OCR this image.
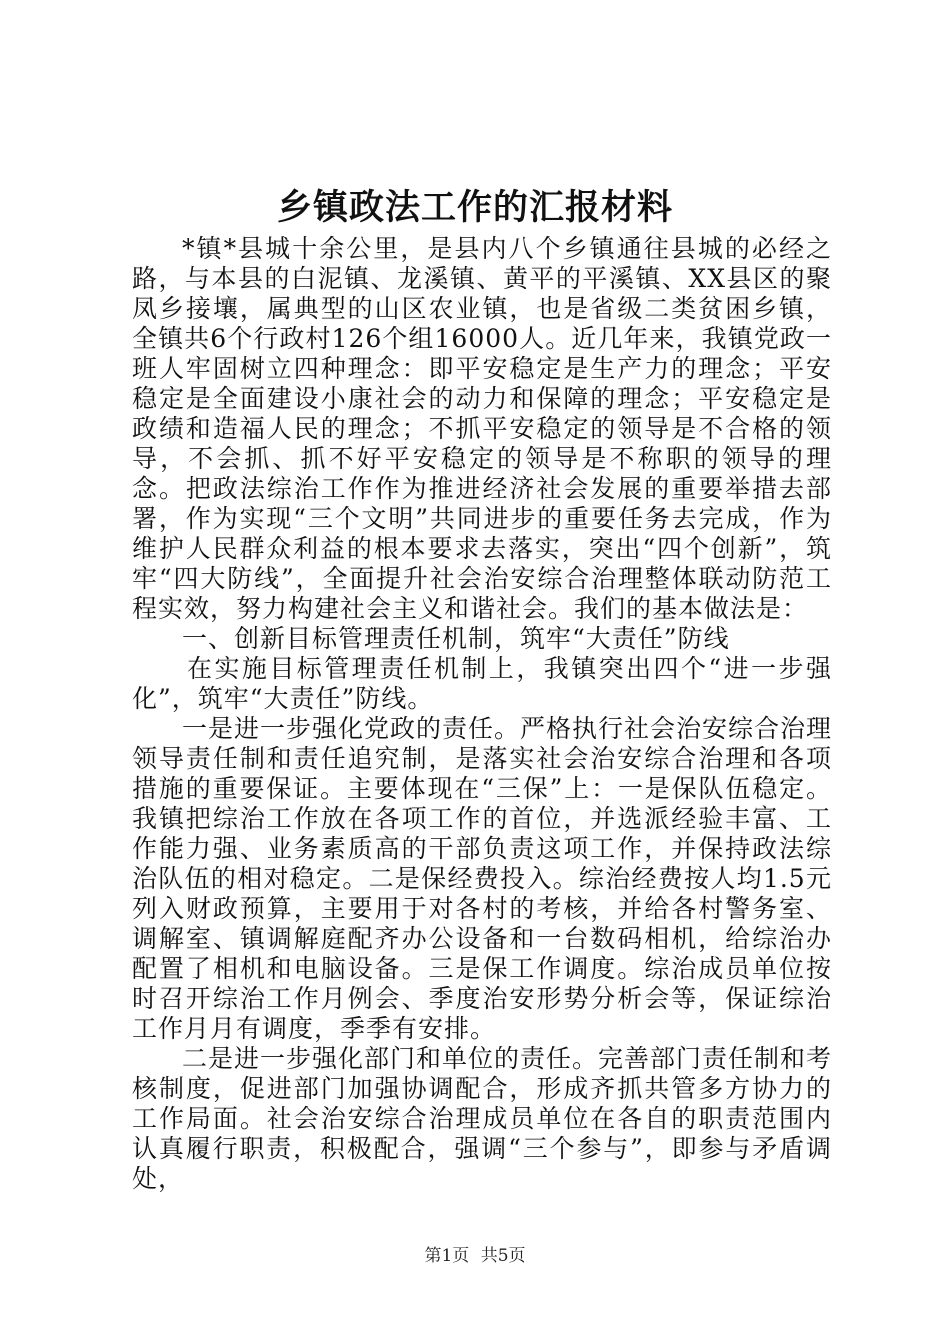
乡镇政法工作的汇报材料

*镇*县城十余公里，是县内八个乡镇通往县城的必经之路，与本县的白泥镇、龙溪镇、黄平的平溪镇、XX县区的聚凤乡接壤，属典型的山区农业镇，也是省级二类贫困乡镇，全镇共6个行政村126个组16000人。近几年来，我镇党政一班人牢固树立四种理念：即平安稳定是生产力的理念；平安稳定是全面建设小康社会的动力和保障的理念；平安稳定是政绩和造福人民的理念；不抓平安稳定的领导是不合格的领导，不会抓、抓不好平安稳定的领导是不称职的领导的理念。把政法综治工作作为推进经济社会发展的重要举措去部署，作为实现“三个文明”共同进步的重要任务去完成，作为维护人民群众利益的根本要求去落实，突出“四个创新”，筑牢“四大防线”，全面提升社会治安综合治理整体联动防范工程实效，努力构建社会主义和谐社会。我们的基本做法是：

一、创新目标管理责任机制，筑牢“大责任”防线

在实施目标管理责任机制上，我镇突出四个“进一步强化”，筑牢“大责任”防线。

一是进一步强化党政的责任。严格执行社会治安综合治理领导责任制和责任追究制，是落实社会治安综合治理和各项措施的重要保证。主要体现在“三保”上：一是保队伍稳定。我镇把综治工作放在各项工作的首位，并选派经验丰富、工作能力强、业务素质高的干部负责这项工作，并保持政法综治队伍的相对稳定。二是保经费投入。综治经费按人均1.5元列入财政预算，主要用于对各村的考核，并给各村警务室、调解室、镇调解庭配齐办公设备和一台数码相机，给综治办配置了相机和电脑设备。三是保工作调度。综治成员单位按时召开综治工作月例会、季度治安形势分析会等，保证综治工作月月有调度，季季有安排。

二是进一步强化部门和单位的责任。完善部门责任制和考核制度，促进部门加强协调配合，形成齐抓共管多方协力的工作局面。社会治安综合治理成员单位在各自的职责范围内认真履行职责，积极配合，强调“三个参与”，即参与矛盾调处，

第1页 共5页
